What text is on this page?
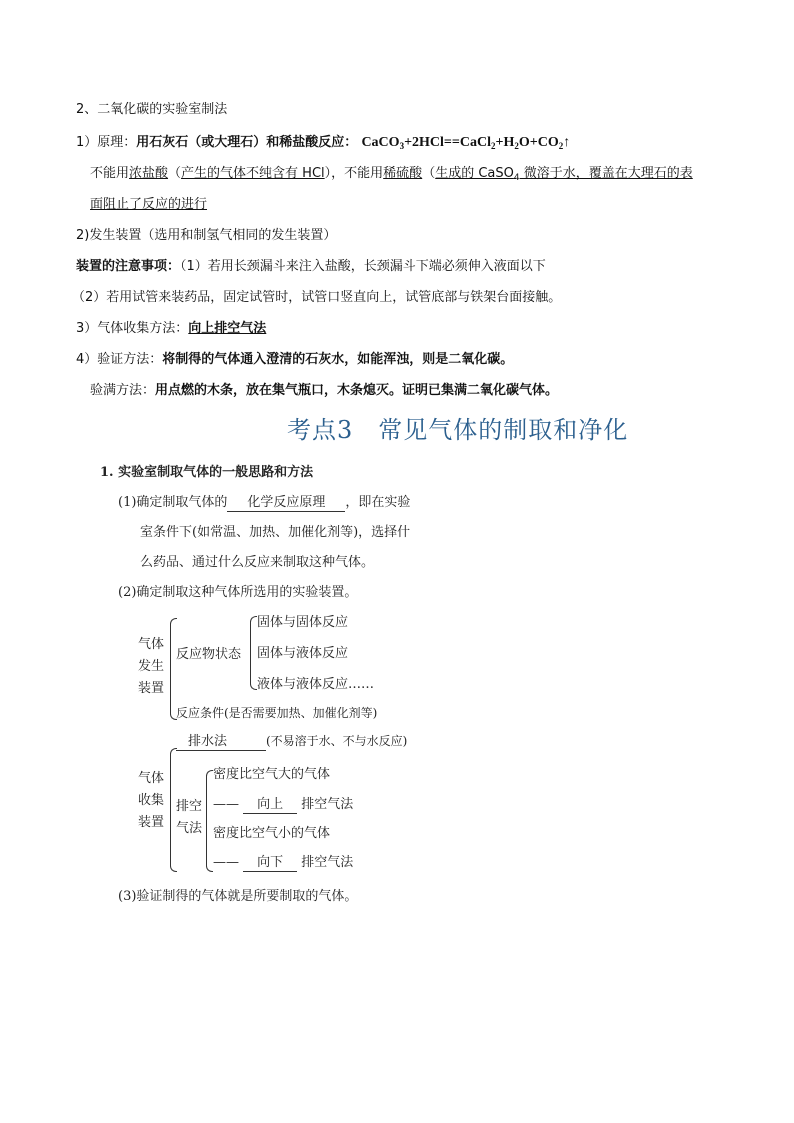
2、二氧化碳的实验室制法
1）原理：用石灰石（或大理石）和稀盐酸反应： $CaCO_3+2HCl==CaCl_2+H_2O+CO_2↑$
不能用浓盐酸（产生的气体不纯含有 HCl），不能用稀硫酸（生成的 CaSO$_4$ 微溶于水，覆盖在大理石的表
面阻止了反应的进行
2)发生装置（选用和制氢气相同的发生装置）
装置的注意事项：（1）若用长颈漏斗来注入盐酸，长颈漏斗下端必须伸入液面以下
（2）若用试管来装药品，固定试管时，试管口竖直向上，试管底部与铁架台面接触。
3）气体收集方法：向上排空气法
4）验证方法：将制得的气体通入澄清的石灰水，如能浑浊，则是二氧化碳。
验满方法：用点燃的木条，放在集气瓶口，木条熄灭。证明已集满二氧化碳气体。
考点3　常见气体的制取和净化
1. 实验室制取气体的一般思路和方法
(1)确定制取气体的 化学反应原理 ，即在实验
室条件下(如常温、加热、加催化剂等)，选择什
么药品、通过什么反应来制取这种气体。
(2)确定制取这种气体所选用的实验装置。
气体
发生
装置
反应物状态
固体与固体反应
固体与液体反应
液体与液体反应……
反应条件(是否需要加热、加催化剂等)
排水法	(不易溶于水、不与水反应)
气体
收集
装置
排空
气法
密度比空气大的气体
—— 向上 排空气法
密度比空气小的气体
—— 向下 排空气法
(3)验证制得的气体就是所要制取的气体。
